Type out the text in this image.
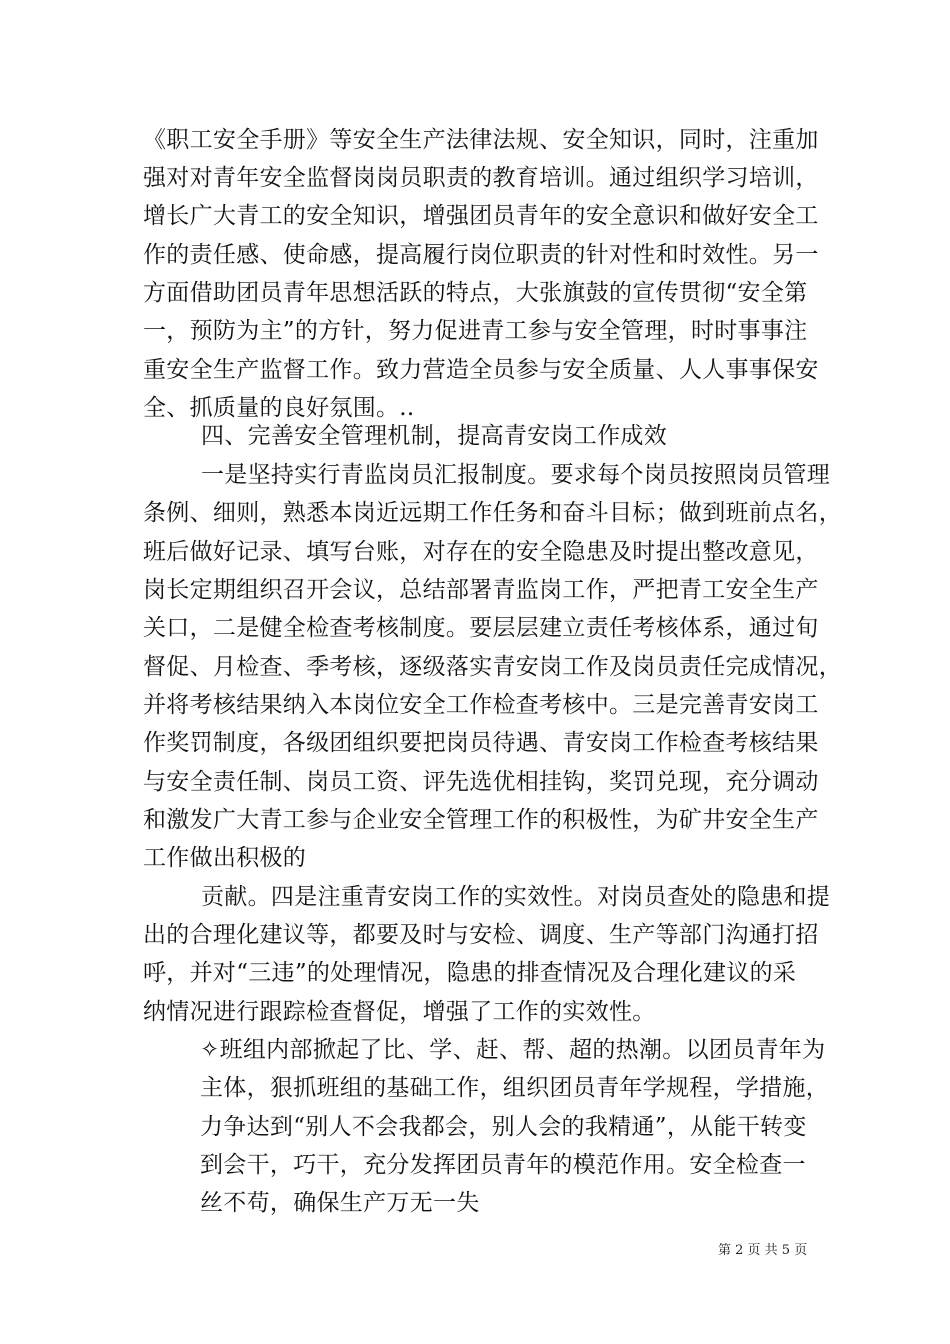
《职工安全手册》等安全生产法律法规、安全知识，同时，注重加
强对对青年安全监督岗岗员职责的教育培训。通过组织学习培训，
增长广大青工的安全知识，增强团员青年的安全意识和做好安全工
作的责任感、使命感，提高履行岗位职责的针对性和时效性。另一
方面借助团员青年思想活跃的特点，大张旗鼓的宣传贯彻“安全第
一，预防为主”的方针，努力促进青工参与安全管理，时时事事注
重安全生产监督工作。致力营造全员参与安全质量、人人事事保安
全、抓质量的良好氛围。..
四、完善安全管理机制，提高青安岗工作成效
一是坚持实行青监岗员汇报制度。要求每个岗员按照岗员管理
条例、细则，熟悉本岗近远期工作任务和奋斗目标；做到班前点名，
班后做好记录、填写台账，对存在的安全隐患及时提出整改意见，
岗长定期组织召开会议，总结部署青监岗工作，严把青工安全生产
关口，二是健全检查考核制度。要层层建立责任考核体系，通过旬
督促、月检查、季考核，逐级落实青安岗工作及岗员责任完成情况，
并将考核结果纳入本岗位安全工作检查考核中。三是完善青安岗工
作奖罚制度，各级团组织要把岗员待遇、青安岗工作检查考核结果
与安全责任制、岗员工资、评先选优相挂钩，奖罚兑现，充分调动
和激发广大青工参与企业安全管理工作的积极性，为矿井安全生产
工作做出积极的
贡献。四是注重青安岗工作的实效性。对岗员查处的隐患和提
出的合理化建议等，都要及时与安检、调度、生产等部门沟通打招
呼，并对“三违”的处理情况，隐患的排查情况及合理化建议的采
纳情况进行跟踪检查督促，增强了工作的实效性。
✧班组内部掀起了比、学、赶、帮、超的热潮。以团员青年为
主体，狠抓班组的基础工作，组织团员青年学规程，学措施，
力争达到“别人不会我都会，别人会的我精通”，从能干转变
到会干，巧干，充分发挥团员青年的模范作用。安全检查一
丝不苟，确保生产万无一失
第 2 页 共 5 页
